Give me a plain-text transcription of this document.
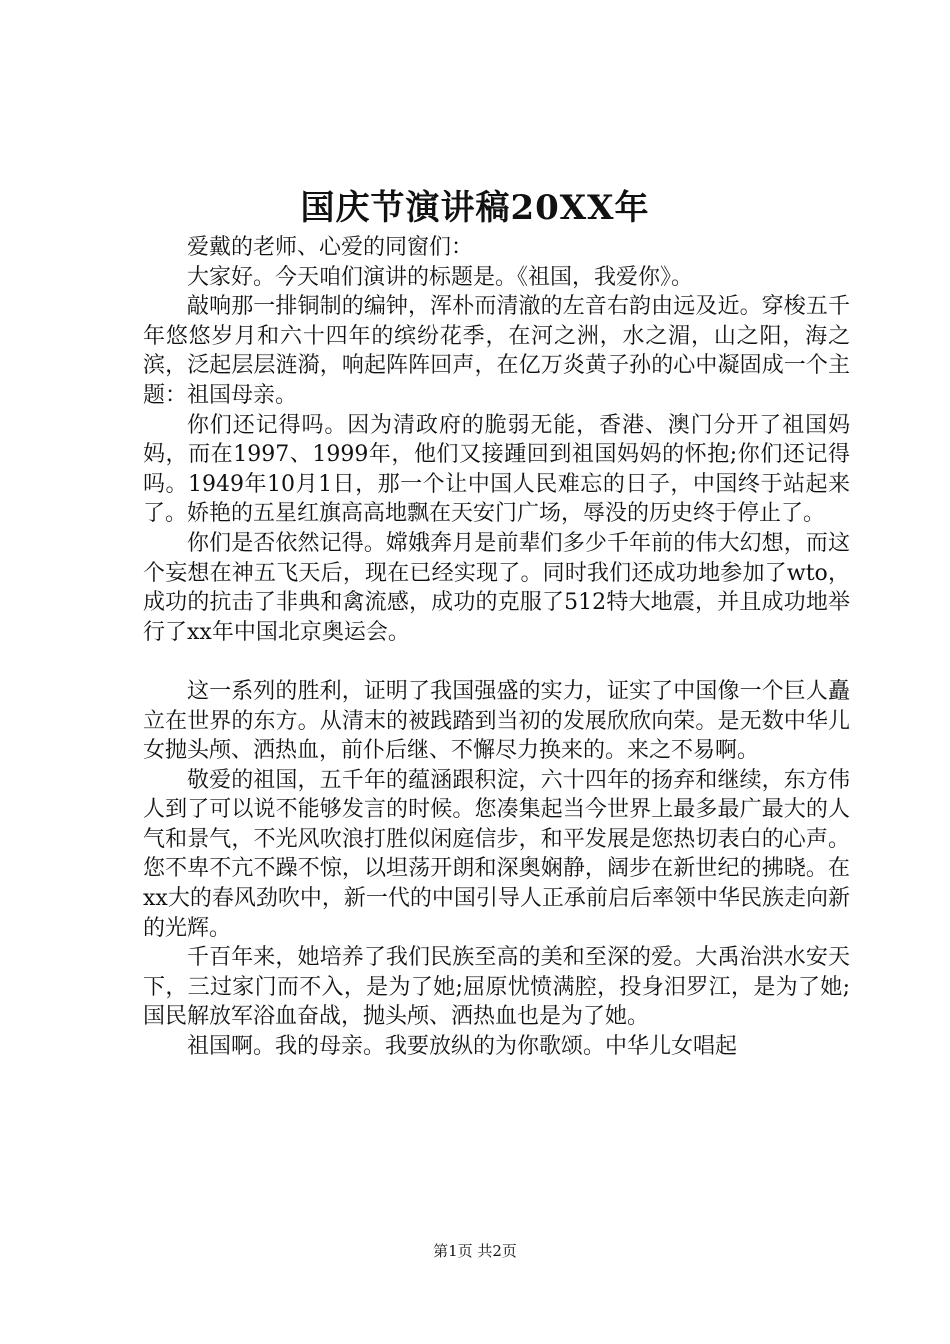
国庆节演讲稿20XX年

爱戴的老师、心爱的同窗们：

大家好。今天咱们演讲的标题是。《祖国，我爱你》。

敲响那一排铜制的编钟，浑朴而清澈的左音右韵由远及近。穿梭五千年悠悠岁月和六十四年的缤纷花季，在河之洲，水之湄，山之阳，海之滨，泛起层层涟漪，响起阵阵回声，在亿万炎黄子孙的心中凝固成一个主题：祖国母亲。

你们还记得吗。因为清政府的脆弱无能，香港、澳门分开了祖国妈妈，而在1997、1999年，他们又接踵回到祖国妈妈的怀抱;你们还记得吗。1949年10月1日，那一个让中国人民难忘的日子，中国终于站起来了。娇艳的五星红旗高高地飘在天安门广场，辱没的历史终于停止了。

你们是否依然记得。嫦娥奔月是前辈们多少千年前的伟大幻想，而这个妄想在神五飞天后，现在已经实现了。同时我们还成功地参加了wto，成功的抗击了非典和禽流感，成功的克服了512特大地震，并且成功地举行了xx年中国北京奥运会。

这一系列的胜利，证明了我国强盛的实力，证实了中国像一个巨人矗立在世界的东方。从清末的被践踏到当初的发展欣欣向荣。是无数中华儿女抛头颅、洒热血，前仆后继、不懈尽力换来的。来之不易啊。

敬爱的祖国，五千年的蕴涵跟积淀，六十四年的扬弃和继续，东方伟人到了可以说不能够发言的时候。您凑集起当今世界上最多最广最大的人气和景气，不光风吹浪打胜似闲庭信步，和平发展是您热切表白的心声。您不卑不亢不躁不惊，以坦荡开朗和深奥娴静，阔步在新世纪的拂晓。在xx大的春风劲吹中，新一代的中国引导人正承前启后率领中华民族走向新的光辉。

千百年来，她培养了我们民族至高的美和至深的爱。大禹治洪水安天下，三过家门而不入，是为了她;屈原忧愤满腔，投身汨罗江，是为了她;国民解放军浴血奋战，抛头颅、洒热血也是为了她。

祖国啊。我的母亲。我要放纵的为你歌颂。中华儿女唱起

第1页 共2页
